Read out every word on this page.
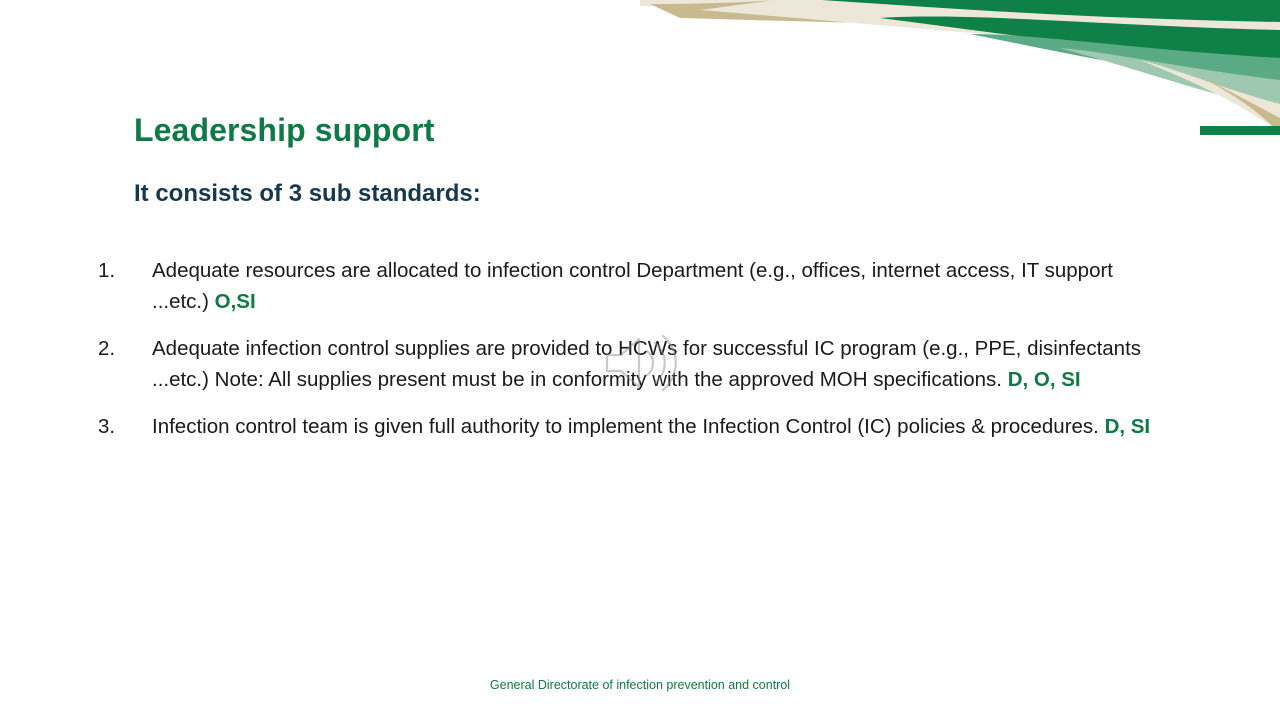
Leadership support
It consists of 3 sub standards:
1.	Adequate resources are allocated to infection control Department (e.g., offices, internet access, IT support ...etc.) O,SI
2.	Adequate infection control supplies are provided to HCWs for successful IC program (e.g., PPE, disinfectants ...etc.) Note: All supplies present must be in conformity with the approved MOH specifications. D, O, SI
3.	Infection control team is given full authority to implement the Infection Control (IC) policies & procedures. D, SI
General Directorate of infection prevention and control
